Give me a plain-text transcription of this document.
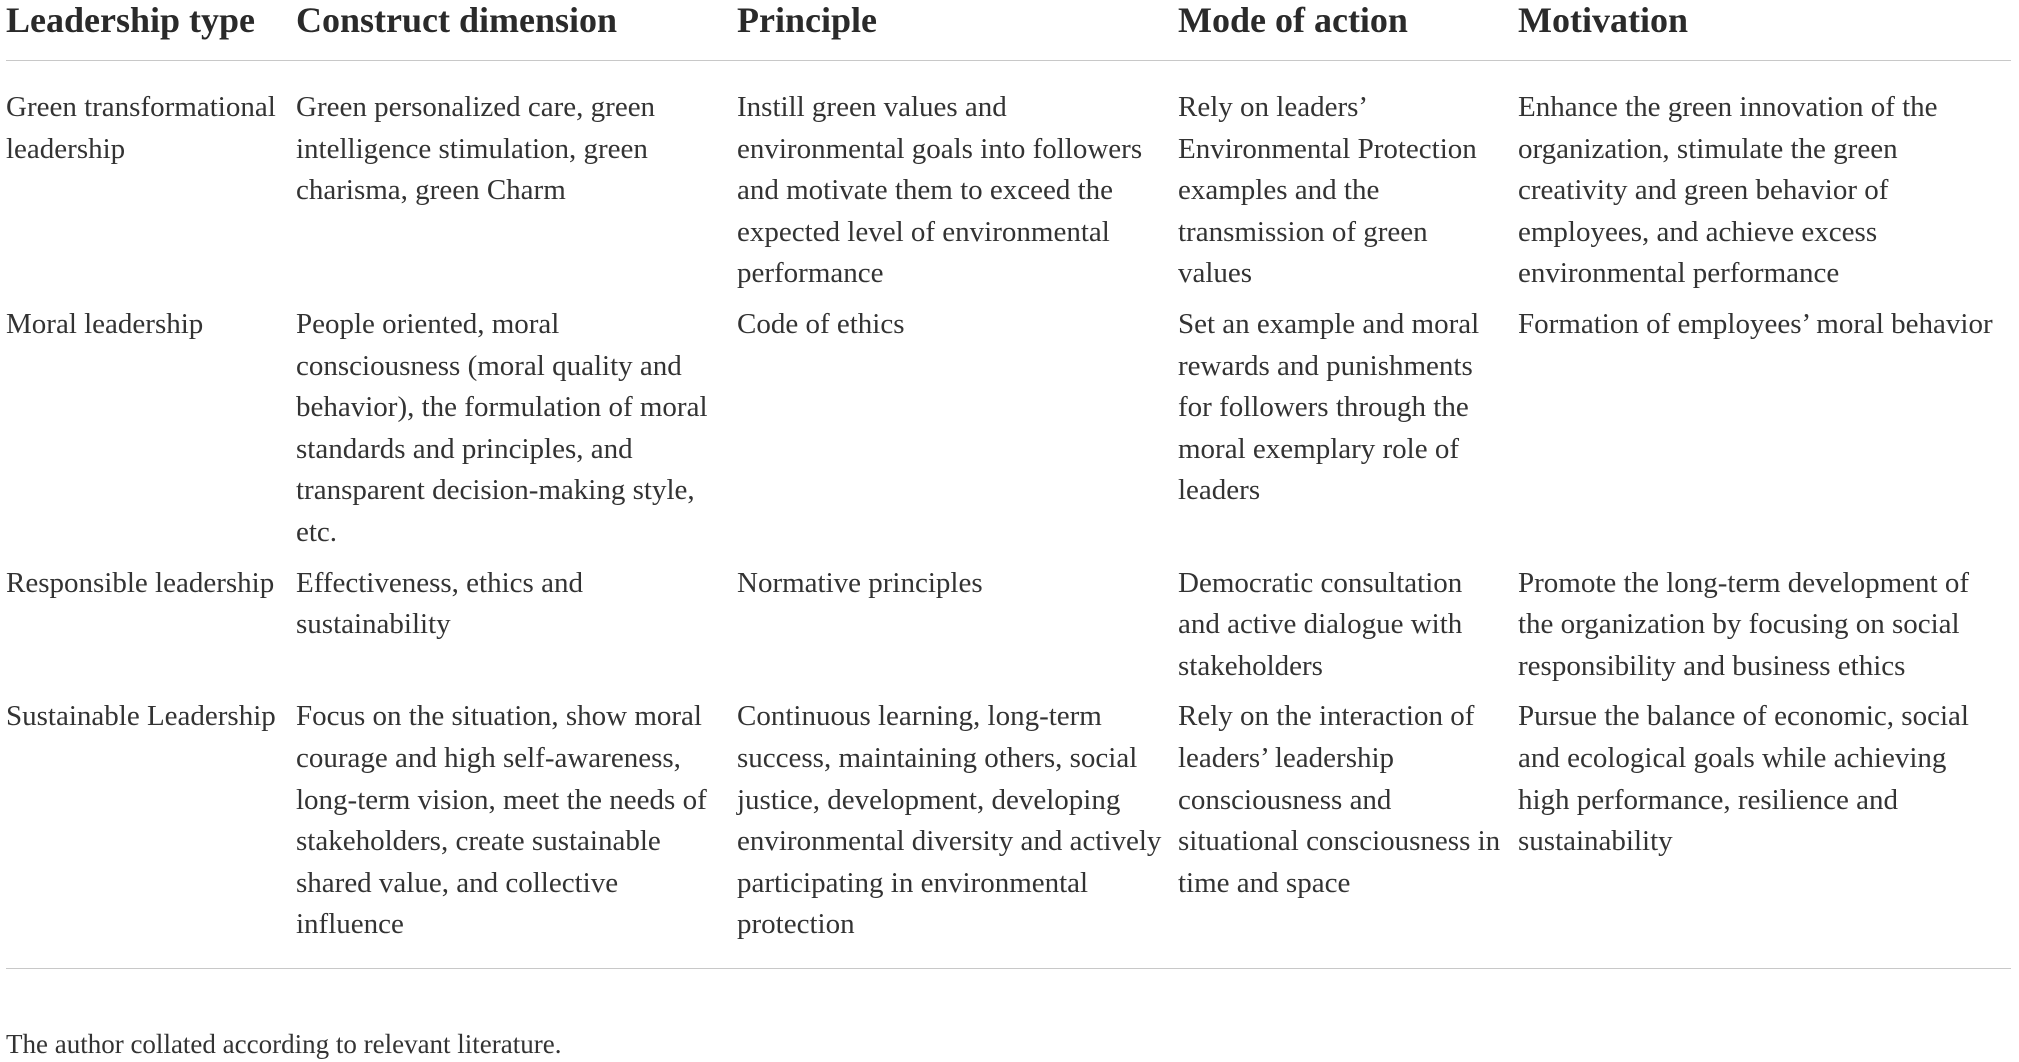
Leadership type	Construct dimension	Principle	Mode of action	Motivation
Green transformational leadership	Green personalized care, green intelligence stimulation, green charisma, green Charm	Instill green values and environmental goals into followers and motivate them to exceed the expected level of environmental performance	Rely on leaders’ Environmental Protection examples and the transmission of green values	Enhance the green innovation of the organization, stimulate the green creativity and green behavior of employees, and achieve excess environmental performance
Moral leadership	People oriented, moral consciousness (moral quality and behavior), the formulation of moral standards and principles, and transparent decision-making style, etc.	Code of ethics	Set an example and moral rewards and punishments for followers through the moral exemplary role of leaders	Formation of employees’ moral behavior
Responsible leadership	Effectiveness, ethics and sustainability	Normative principles	Democratic consultation and active dialogue with stakeholders	Promote the long-term development of the organization by focusing on social responsibility and business ethics
Sustainable Leadership	Focus on the situation, show moral courage and high self-awareness, long-term vision, meet the needs of stakeholders, create sustainable shared value, and collective influence	Continuous learning, long-term success, maintaining others, social justice, development, developing environmental diversity and actively participating in environmental protection	Rely on the interaction of leaders’ leadership consciousness and situational consciousness in time and space	Pursue the balance of economic, social and ecological goals while achieving high performance, resilience and sustainability
The author collated according to relevant literature.
